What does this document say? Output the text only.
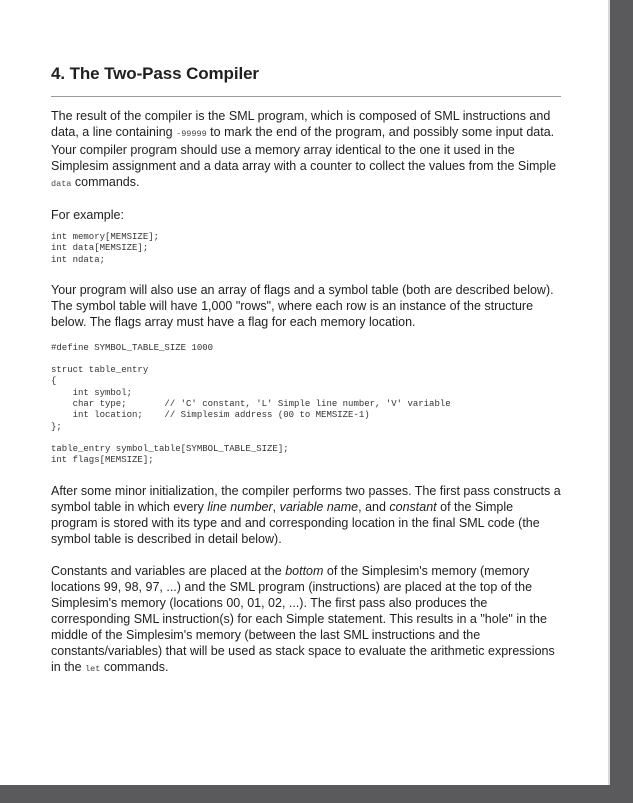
4. The Two-Pass Compiler

The result of the compiler is the SML program, which is composed of SML instructions and data, a line containing -99999 to mark the end of the program, and possibly some input data. Your compiler program should use a memory array identical to the one it used in the Simplesim assignment and a data array with a counter to collect the values from the Simple data commands.

For example:

int memory[MEMSIZE];
int data[MEMSIZE];
int ndata;

Your program will also use an array of flags and a symbol table (both are described below). The symbol table will have 1,000 "rows", where each row is an instance of the structure below. The flags array must have a flag for each memory location.

#define SYMBOL_TABLE_SIZE 1000
struct table_entry
{
int symbol;
char type;       // 'C' constant, 'L' Simple line number, 'V' variable
int location;    // Simplesim address (00 to MEMSIZE-1)
};
table_entry symbol_table[SYMBOL_TABLE_SIZE];
int flags[MEMSIZE];

After some minor initialization, the compiler performs two passes. The first pass constructs a symbol table in which every line number, variable name, and constant of the Simple program is stored with its type and and corresponding location in the final SML code (the symbol table is described in detail below).

Constants and variables are placed at the bottom of the Simplesim's memory (memory locations 99, 98, 97, ...) and the SML program (instructions) are placed at the top of the Simplesim's memory (locations 00, 01, 02, ...). The first pass also produces the corresponding SML instruction(s) for each Simple statement. This results in a "hole" in the middle of the Simplesim's memory (between the last SML instructions and the constants/variables) that will be used as stack space to evaluate the arithmetic expressions in the let commands.
